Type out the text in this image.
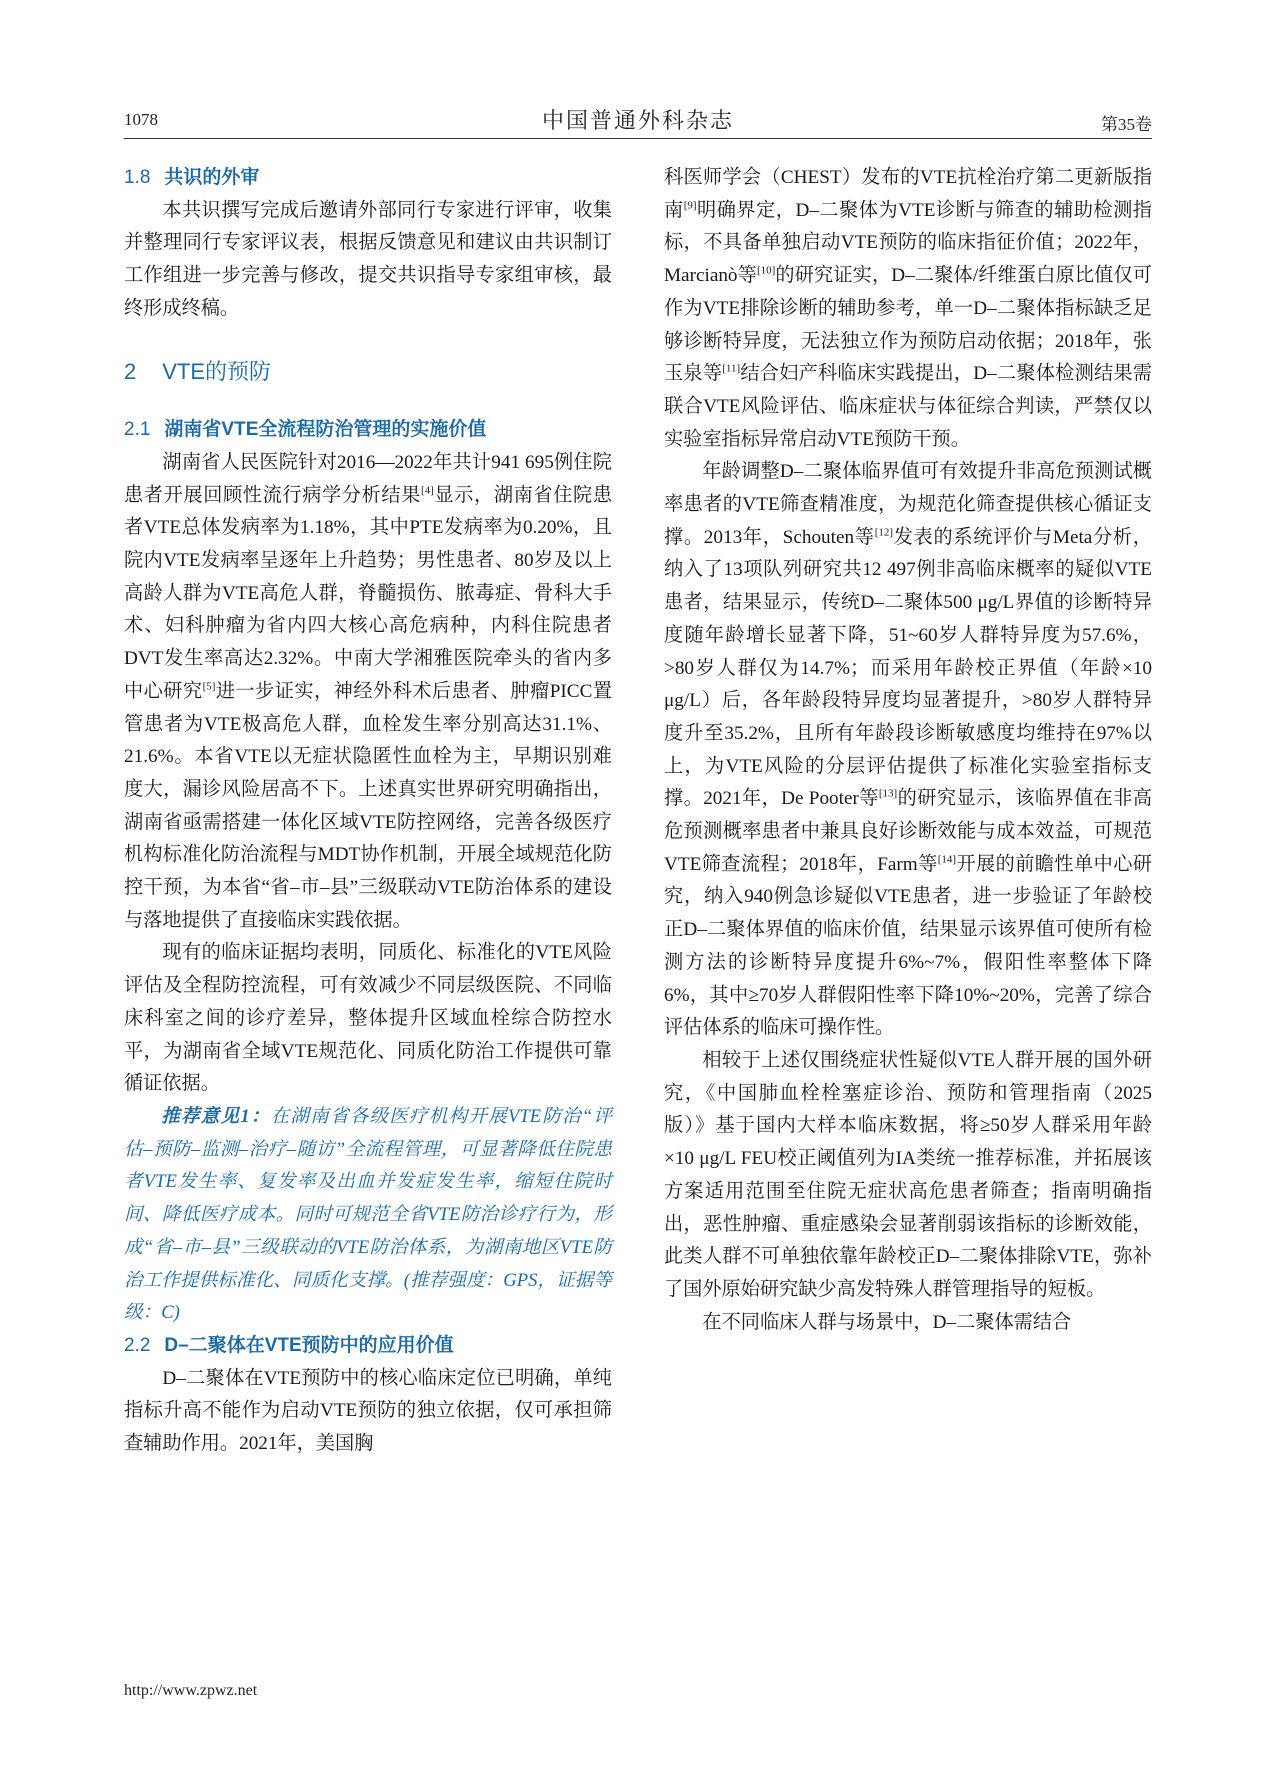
1078	中国普通外科杂志	第35卷
1.8 共识的外审

本共识撰写完成后邀请外部同行专家进行评审，收集并整理同行专家评议表，根据反馈意见和建议由共识制订工作组进一步完善与修改，提交共识指导专家组审核，最终形成终稿。

2 VTE的预防
2.1 湖南省VTE全流程防治管理的实施价值

湖南省人民医院针对2016—2022年共计941 695例住院患者开展回顾性流行病学分析结果[4]显示，湖南省住院患者VTE总体发病率为1.18%，其中PTE发病率为0.20%，且院内VTE发病率呈逐年上升趋势；男性患者、80岁及以上高龄人群为VTE高危人群，脊髓损伤、脓毒症、骨科大手术、妇科肿瘤为省内四大核心高危病种，内科住院患者DVT发生率高达2.32%。中南大学湘雅医院牵头的省内多中心研究[5]进一步证实，神经外科术后患者、肿瘤PICC置管患者为VTE极高危人群，血栓发生率分别高达31.1%、21.6%。本省VTE以无症状隐匿性血栓为主，早期识别难度大，漏诊风险居高不下。上述真实世界研究明确指出，湖南省亟需搭建一体化区域VTE防控网络，完善各级医疗机构标准化防治流程与MDT协作机制，开展全域规范化防控干预，为本省“省–市–县”三级联动VTE防治体系的建设与落地提供了直接临床实践依据。

现有的临床证据均表明，同质化、标准化的VTE风险评估及全程防控流程，可有效减少不同层级医院、不同临床科室之间的诊疗差异，整体提升区域血栓综合防控水平，为湖南省全域VTE规范化、同质化防治工作提供可靠循证依据。

推荐意见1：在湖南省各级医疗机构开展VTE防治“评估–预防–监测–治疗–随访”全流程管理，可显著降低住院患者VTE发生率、复发率及出血并发症发生率，缩短住院时间、降低医疗成本。同时可规范全省VTE防治诊疗行为，形成“省–市–县”三级联动的VTE防治体系，为湖南地区VTE防治工作提供标准化、同质化支撑。(推荐强度：GPS，证据等级：C)

2.2 D–二聚体在VTE预防中的应用价值

D–二聚体在VTE预防中的核心临床定位已明确，单纯指标升高不能作为启动VTE预防的独立依据，仅可承担筛查辅助作用。2021年，美国胸

科医师学会（CHEST）发布的VTE抗栓治疗第二更新版指南[9]明确界定，D–二聚体为VTE诊断与筛查的辅助检测指标，不具备单独启动VTE预防的临床指征价值；2022年，Marcianò等[10]的研究证实，D–二聚体/纤维蛋白原比值仅可作为VTE排除诊断的辅助参考，单一D–二聚体指标缺乏足够诊断特异度，无法独立作为预防启动依据；2018年，张玉泉等[11]结合妇产科临床实践提出，D–二聚体检测结果需联合VTE风险评估、临床症状与体征综合判读，严禁仅以实验室指标异常启动VTE预防干预。

年龄调整D–二聚体临界值可有效提升非高危预测试概率患者的VTE筛查精准度，为规范化筛查提供核心循证支撑。2013年，Schouten等[12]发表的系统评价与Meta分析，纳入了13项队列研究共12 497例非高临床概率的疑似VTE患者，结果显示，传统D–二聚体500 μg/L界值的诊断特异度随年龄增长显著下降，51~60岁人群特异度为57.6%，>80岁人群仅为14.7%；而采用年龄校正界值（年龄×10 μg/L）后，各年龄段特异度均显著提升，>80岁人群特异度升至35.2%，且所有年龄段诊断敏感度均维持在97%以上，为VTE风险的分层评估提供了标准化实验室指标支撑。2021年，De Pooter等[13]的研究显示，该临界值在非高危预测概率患者中兼具良好诊断效能与成本效益，可规范VTE筛查流程；2018年，Farm等[14]开展的前瞻性单中心研究，纳入940例急诊疑似VTE患者，进一步验证了年龄校正D–二聚体界值的临床价值，结果显示该界值可使所有检测方法的诊断特异度提升6%~7%，假阳性率整体下降6%，其中≥70岁人群假阳性率下降10%~20%，完善了综合评估体系的临床可操作性。

相较于上述仅围绕症状性疑似VTE人群开展的国外研究，《中国肺血栓栓塞症诊治、预防和管理指南（2025版）》基于国内大样本临床数据，将≥50岁人群采用年龄×10 μg/L FEU校正阈值列为IA类统一推荐标准，并拓展该方案适用范围至住院无症状高危患者筛查；指南明确指出，恶性肿瘤、重症感染会显著削弱该指标的诊断效能，此类人群不可单独依靠年龄校正D–二聚体排除VTE，弥补了国外原始研究缺少高发特殊人群管理指导的短板。

在不同临床人群与场景中，D–二聚体需结合

http://www.zpwz.net
